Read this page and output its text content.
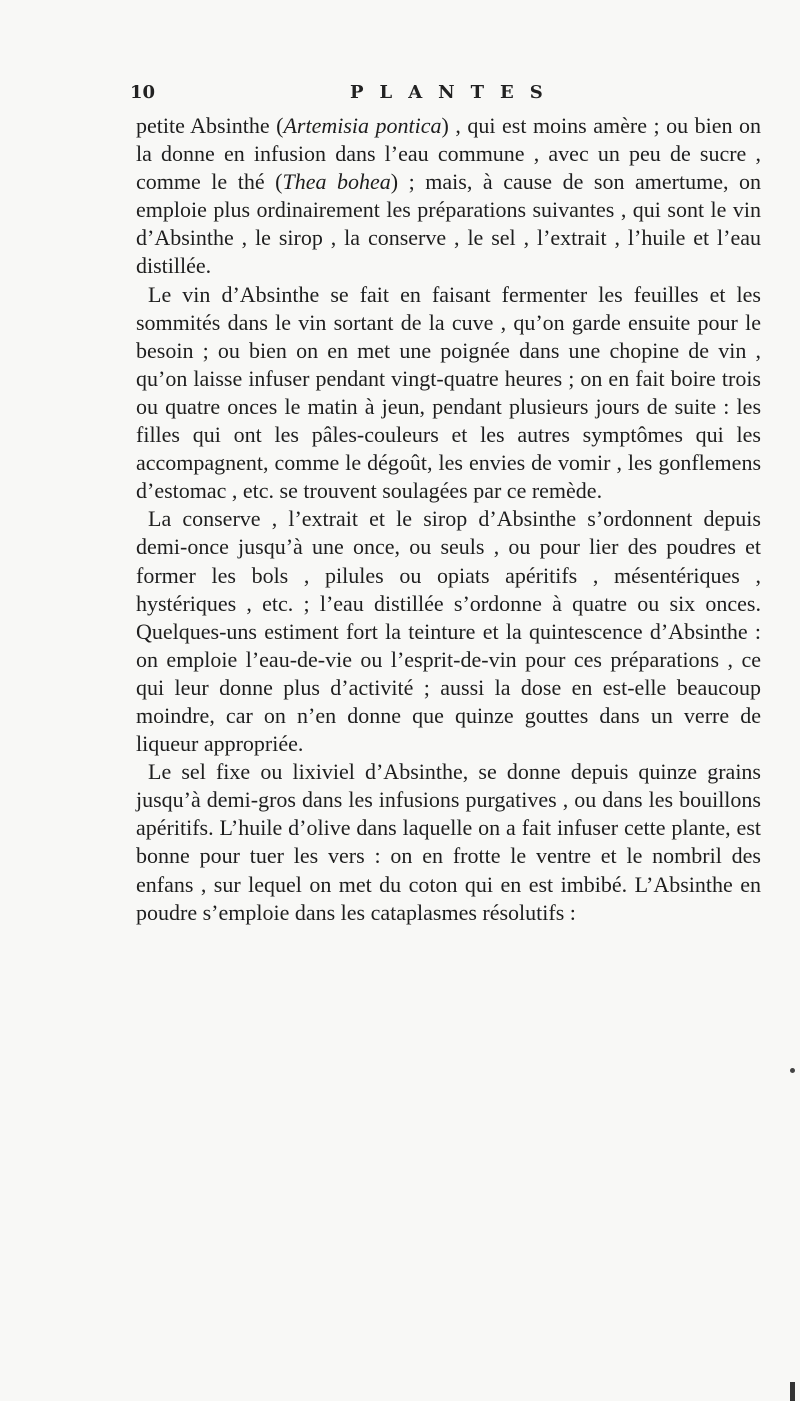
10	PLANTES

petite Absinthe (Artemisia pontica) , qui est moins amère ; ou bien on la donne en infusion dans l’eau commune , avec un peu de sucre , comme le thé (Thea bohea) ; mais, à cause de son amertume, on emploie plus ordinairement les préparations suivantes , qui sont le vin d’Absinthe , le sirop , la conserve , le sel , l’extrait , l’huile et l’eau distillée.

Le vin d’Absinthe se fait en faisant fermenter les feuilles et les sommités dans le vin sortant de la cuve , qu’on garde ensuite pour le besoin ; ou bien on en met une poignée dans une chopine de vin , qu’on laisse infuser pendant vingt-quatre heures ; on en fait boire trois ou quatre onces le matin à jeun, pendant plusieurs jours de suite : les filles qui ont les pâles-couleurs et les autres symptômes qui les accompagnent, comme le dégoût, les envies de vomir , les gonflemens d’estomac , etc. se trouvent soulagées par ce remède.

La conserve , l’extrait et le sirop d’Absinthe s’ordonnent depuis demi-once jusqu’à une once, ou seuls , ou pour lier des poudres et former les bols , pilules ou opiats apéritifs , mésentériques , hystériques , etc. ; l’eau distillée s’ordonne à quatre ou six onces. Quelques-uns estiment fort la teinture et la quintescence d’Absinthe : on emploie l’eau-de-vie ou l’esprit-de-vin pour ces préparations , ce qui leur donne plus d’activité ; aussi la dose en est-elle beaucoup moindre, car on n’en donne que quinze gouttes dans un verre de liqueur appropriée.

Le sel fixe ou lixiviel d’Absinthe, se donne depuis quinze grains jusqu’à demi-gros dans les infusions purgatives , ou dans les bouillons apéritifs. L’huile d’olive dans laquelle on a fait infuser cette plante, est bonne pour tuer les vers : on en frotte le ventre et le nombril des enfans , sur lequel on met du coton qui en est imbibé. L’Absinthe en poudre s’emploie dans les cataplasmes résolutifs :
